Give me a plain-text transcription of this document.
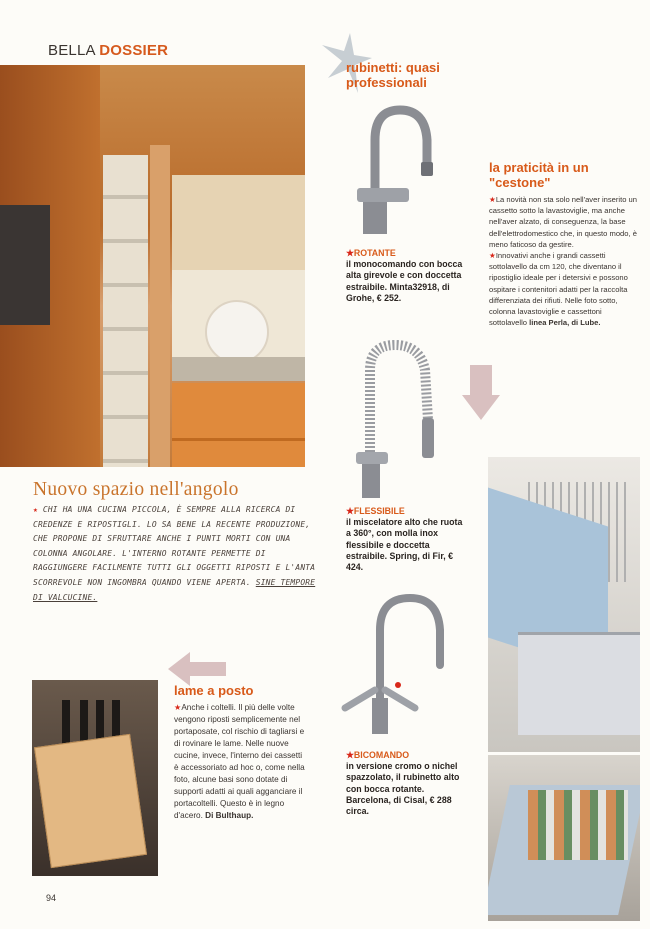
BELLA DOSSIER
rubinetti: quasi professionali
★ROTANTE
il monocomando con bocca alta girevole e con doccetta estraibile. Minta32918, di Grohe, € 252.
★FLESSIBILE
il miscelatore alto che ruota a 360°, con molla inox flessibile e doccetta estraibile. Spring, di Fir, € 424.
★BICOMANDO
in versione cromo o nichel spazzolato, il rubinetto alto con bocca rotante. Barcelona, di Cisal, € 288 circa.
la praticità in un "cestone"

★La novità non sta solo nell'aver inserito un cassetto sotto la lavastoviglie, ma anche nell'aver alzato, di conseguenza, la base dell'elettrodomestico che, in questo modo, è meno faticoso da gestire.

★Innovativi anche i grandi cassetti sottolavello da cm 120, che diventano il ripostiglio ideale per i detersivi e possono ospitare i contenitori adatti per la raccolta differenziata dei rifiuti. Nelle foto sotto, colonna lavastoviglie e cassettoni sottolavello linea Perla, di Lube.

Nuovo spazio nell'angolo
★ CHI HA UNA CUCINA PICCOLA, È SEMPRE ALLA RICERCA DI CREDENZE E RIPOSTIGLI. LO SA BENE LA RECENTE PRODUZIONE, CHE PROPONE DI SFRUTTARE ANCHE I PUNTI MORTI CON UNA COLONNA ANGOLARE. L'INTERNO ROTANTE PERMETTE DI RAGGIUNGERE FACILMENTE TUTTI GLI OGGETTI RIPOSTI E L'ANTA SCORREVOLE NON INGOMBRA QUANDO VIENE APERTA. SINE TEMPORE DI VALCUCINE.
lame a posto
★Anche i coltelli. Il più delle volte vengono riposti semplicemente nel portaposate, col rischio di tagliarsi e di rovinare le lame. Nelle nuove cucine, invece, l'interno dei cassetti è accessoriato ad hoc o, come nella foto, alcune basi sono dotate di supporti adatti ai quali agganciare il portacoltelli. Questo è in legno d'acero. Di Bulthaup.
94
